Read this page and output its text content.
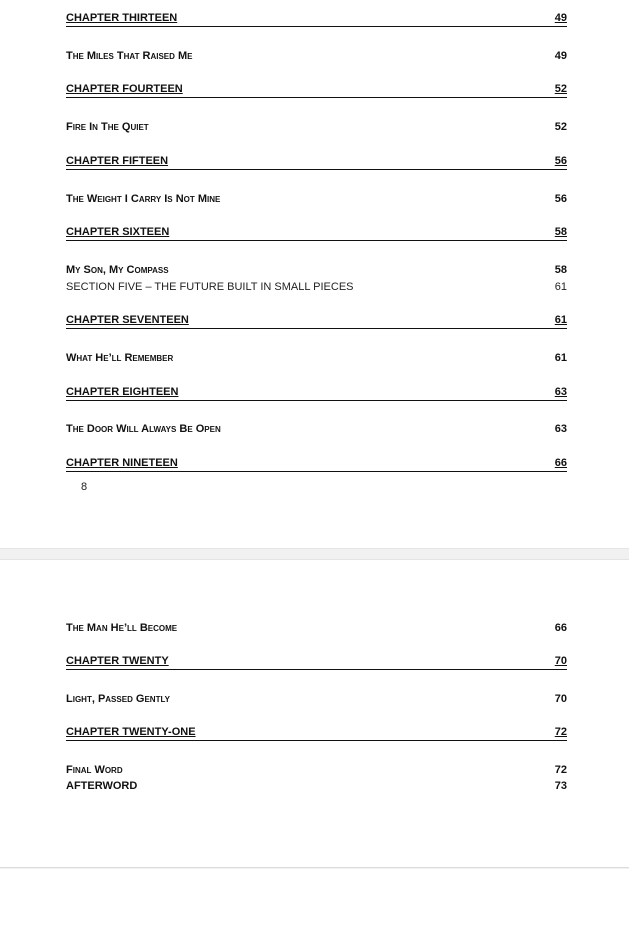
CHAPTER THIRTEEN	49
The Miles That Raised Me	49
CHAPTER FOURTEEN	52
Fire In The Quiet	52
CHAPTER FIFTEEN	56
The Weight I Carry Is Not Mine	56
CHAPTER SIXTEEN	58
My Son, My Compass	58
SECTION FIVE – THE FUTURE BUILT IN SMALL PIECES	61
CHAPTER SEVENTEEN	61
What He’ll Remember	61
CHAPTER EIGHTEEN	63
The Door Will Always Be Open	63
CHAPTER NINETEEN	66
8
The Man He’ll Become	66
CHAPTER TWENTY	70
Light, Passed Gently	70
CHAPTER TWENTY-ONE	72
Final Word	72
AFTERWORD	73
